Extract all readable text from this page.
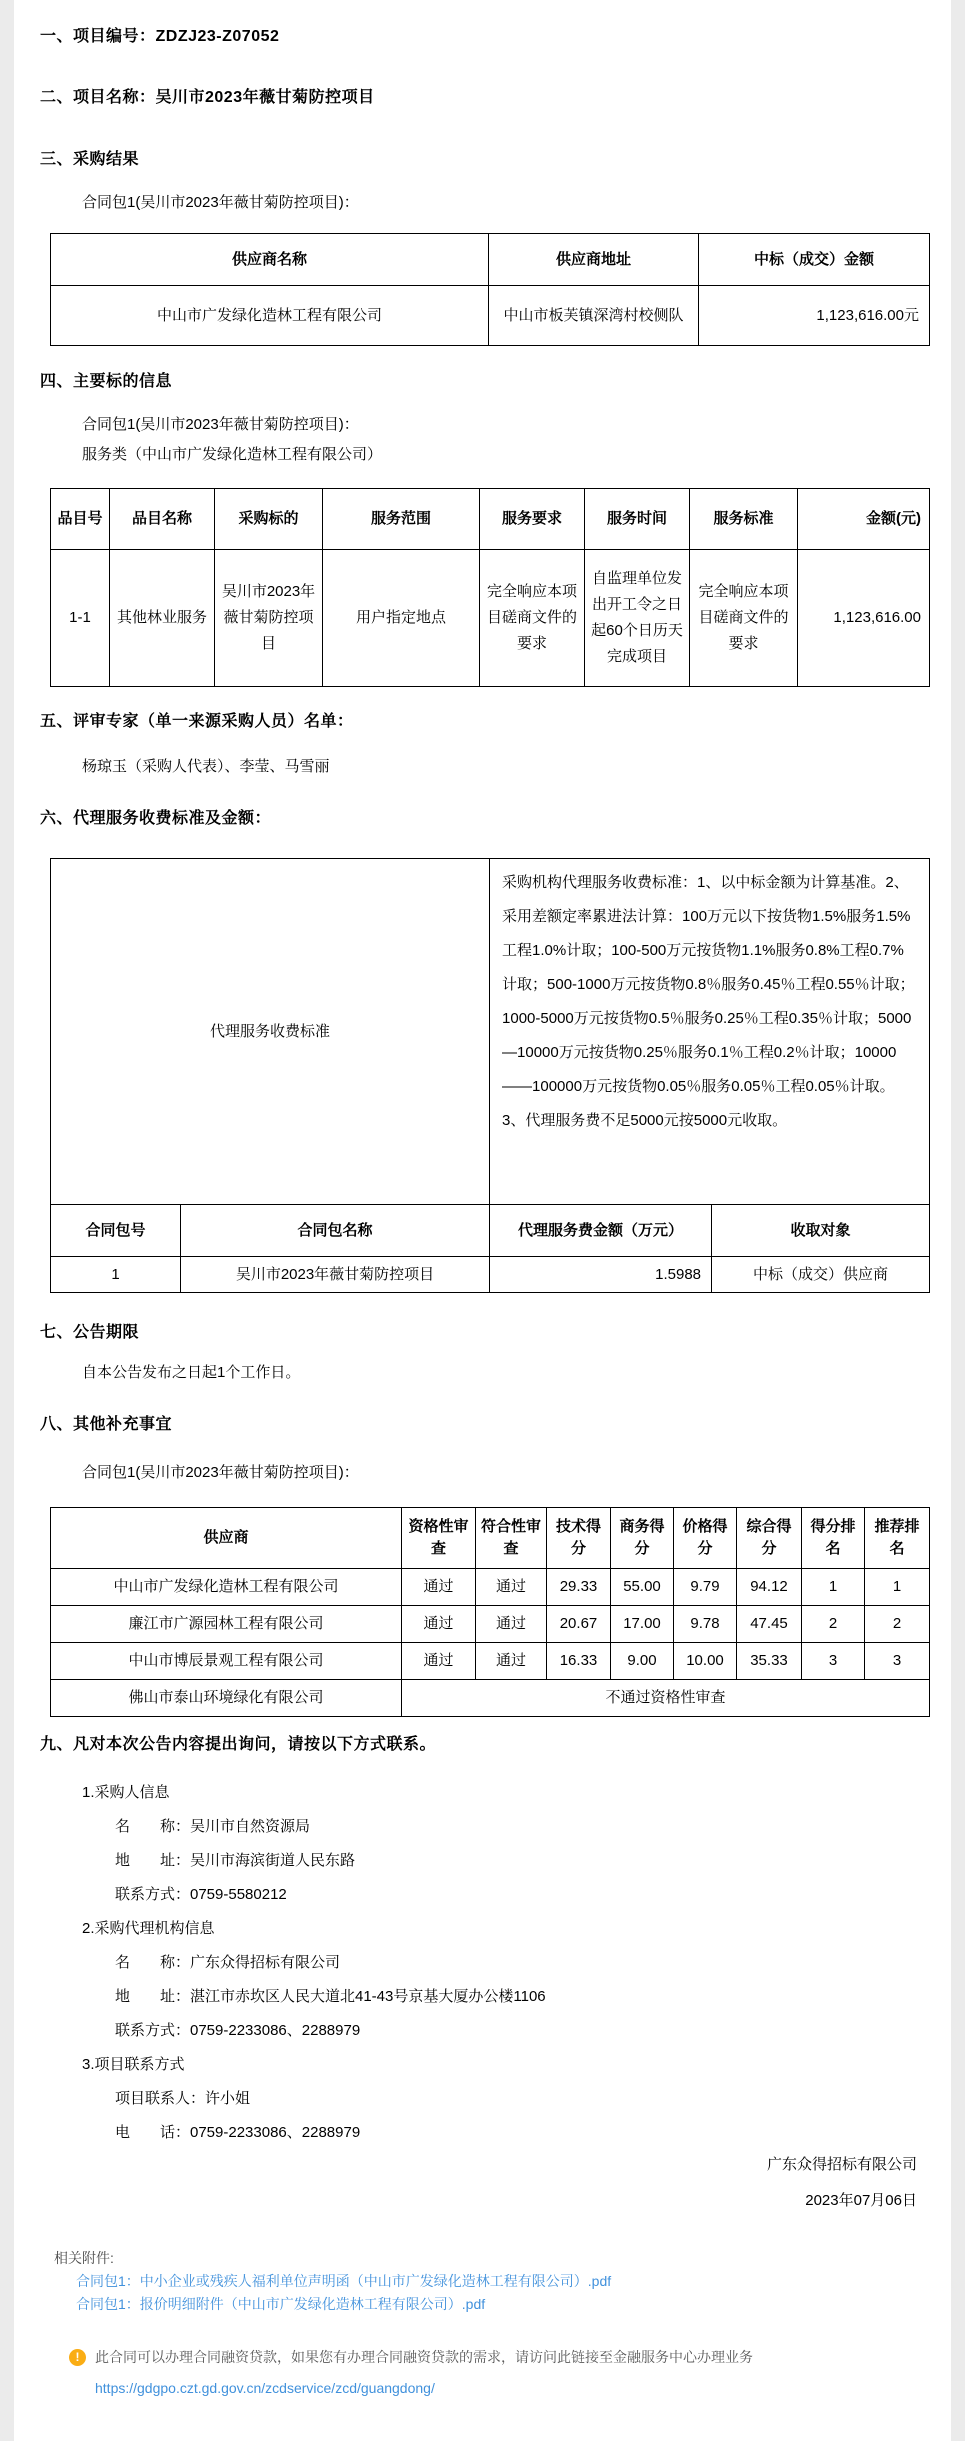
一、项目编号：ZDZJ23-Z07052
二、项目名称：吴川市2023年薇甘菊防控项目
三、采购结果
合同包1(吴川市2023年薇甘菊防控项目)：
供应商名称	供应商地址	中标（成交）金额
中山市广发绿化造林工程有限公司	中山市板芙镇深湾村校侧队	1,123,616.00元
四、主要标的信息
合同包1(吴川市2023年薇甘菊防控项目)：
服务类（中山市广发绿化造林工程有限公司）
品目号	品目名称	采购标的	服务范围	服务要求	服务时间	服务标准	金额(元)
1-1	其他林业服务	吴川市2023年薇甘菊防控项目	用户指定地点	完全响应本项目磋商文件的要求	自监理单位发出开工令之日起60个日历天完成项目	完全响应本项目磋商文件的要求	1,123,616.00
五、评审专家（单一来源采购人员）名单：
杨琼玉（采购人代表）、李莹、马雪丽
六、代理服务收费标准及金额：
代理服务收费标准		采购机构代理服务收费标准：1、以中标金额为计算基准。2、采用差额定率累进法计算：100万元以下按货物1.5%服务1.5%工程1.0%计取；100-500万元按货物1.1%服务0.8%工程0.7%计取；500-1000万元按货物0.8％服务0.45％工程0.55％计取；1000-5000万元按货物0.5％服务0.25％工程0.35％计取；5000—10000万元按货物0.25％服务0.1％工程0.2％计取；10000——100000万元按货物0.05％服务0.05％工程0.05％计取。3、代理服务费不足5000元按5000元收取。	
合同包号	合同包名称	代理服务费金额（万元）	收取对象
1	吴川市2023年薇甘菊防控项目	1.5988	中标（成交）供应商
七、公告期限
自本公告发布之日起1个工作日。
八、其他补充事宜
合同包1(吴川市2023年薇甘菊防控项目)：
供应商	资格性审查	符合性审查	技术得分	商务得分	价格得分	综合得分	得分排名	推荐排名
中山市广发绿化造林工程有限公司	通过	通过	29.33	55.00	9.79	94.12	1	1
廉江市广源园林工程有限公司	通过	通过	20.67	17.00	9.78	47.45	2	2
中山市博辰景观工程有限公司	通过	通过	16.33	9.00	10.00	35.33	3	3
佛山市泰山环境绿化有限公司	不通过资格性审查							
九、凡对本次公告内容提出询问，请按以下方式联系。
1.采购人信息
名　　称：吴川市自然资源局
地　　址：吴川市海滨街道人民东路
联系方式：0759-5580212
2.采购代理机构信息
名　　称：广东众得招标有限公司
地　　址：湛江市赤坎区人民大道北41-43号京基大厦办公楼1106
联系方式：0759-2233086、2288979
3.项目联系方式
项目联系人：许小姐
电　　话：0759-2233086、2288979
广东众得招标有限公司
2023年07月06日
相关附件:
合同包1：中小企业或残疾人福利单位声明函（中山市广发绿化造林工程有限公司）.pdf
合同包1：报价明细附件（中山市广发绿化造林工程有限公司）.pdf
!	此合同可以办理合同融资贷款，如果您有办理合同融资贷款的需求，请访问此链接至金融服务中心办理业务
https://gdgpo.czt.gd.gov.cn/zcdservice/zcd/guangdong/
